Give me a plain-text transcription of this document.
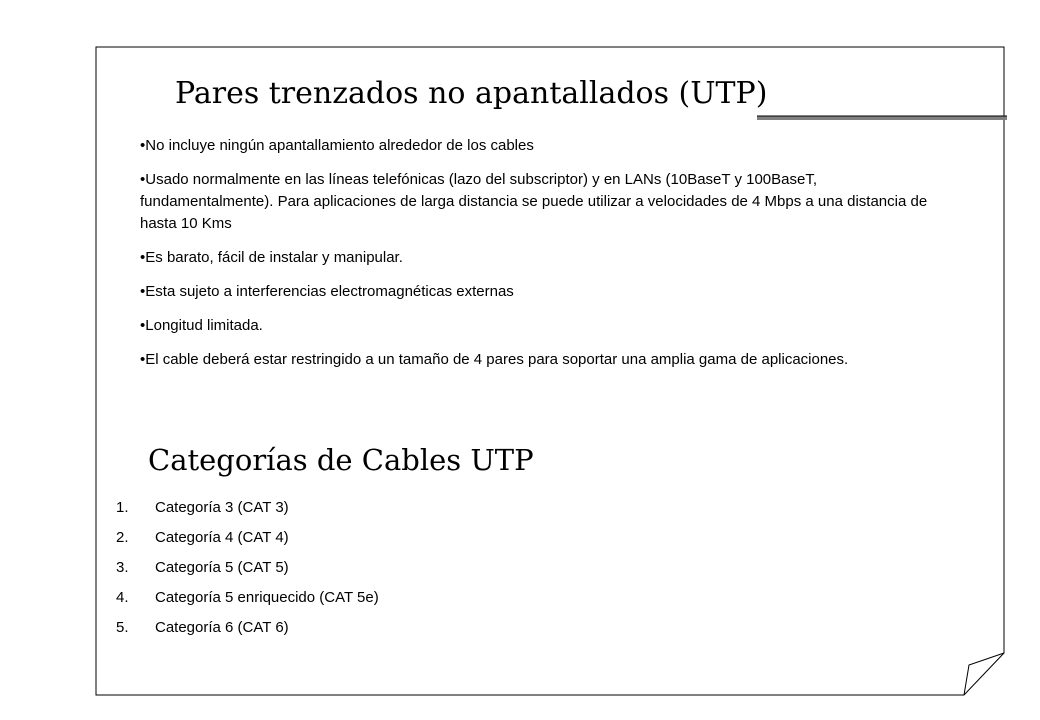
Pares trenzados no apantallados (UTP)
•No incluye ningún apantallamiento alrededor de los cables
•Usado normalmente en las líneas telefónicas (lazo del subscriptor) y en LANs (10BaseT y 100BaseT, fundamentalmente). Para aplicaciones de larga distancia se puede utilizar a velocidades de 4 Mbps a una distancia de hasta 10 Kms
•Es barato, fácil de instalar y manipular.
•Esta sujeto a interferencias electromagnéticas externas
•Longitud limitada.
•El cable deberá estar restringido a un tamaño de 4 pares para soportar una amplia gama de aplicaciones.
Categorías de Cables UTP
1. Categoría 3 (CAT 3)
2. Categoría 4 (CAT 4)
3. Categoría 5 (CAT 5)
4. Categoría 5 enriquecido (CAT 5e)
5. Categoría 6 (CAT 6)
